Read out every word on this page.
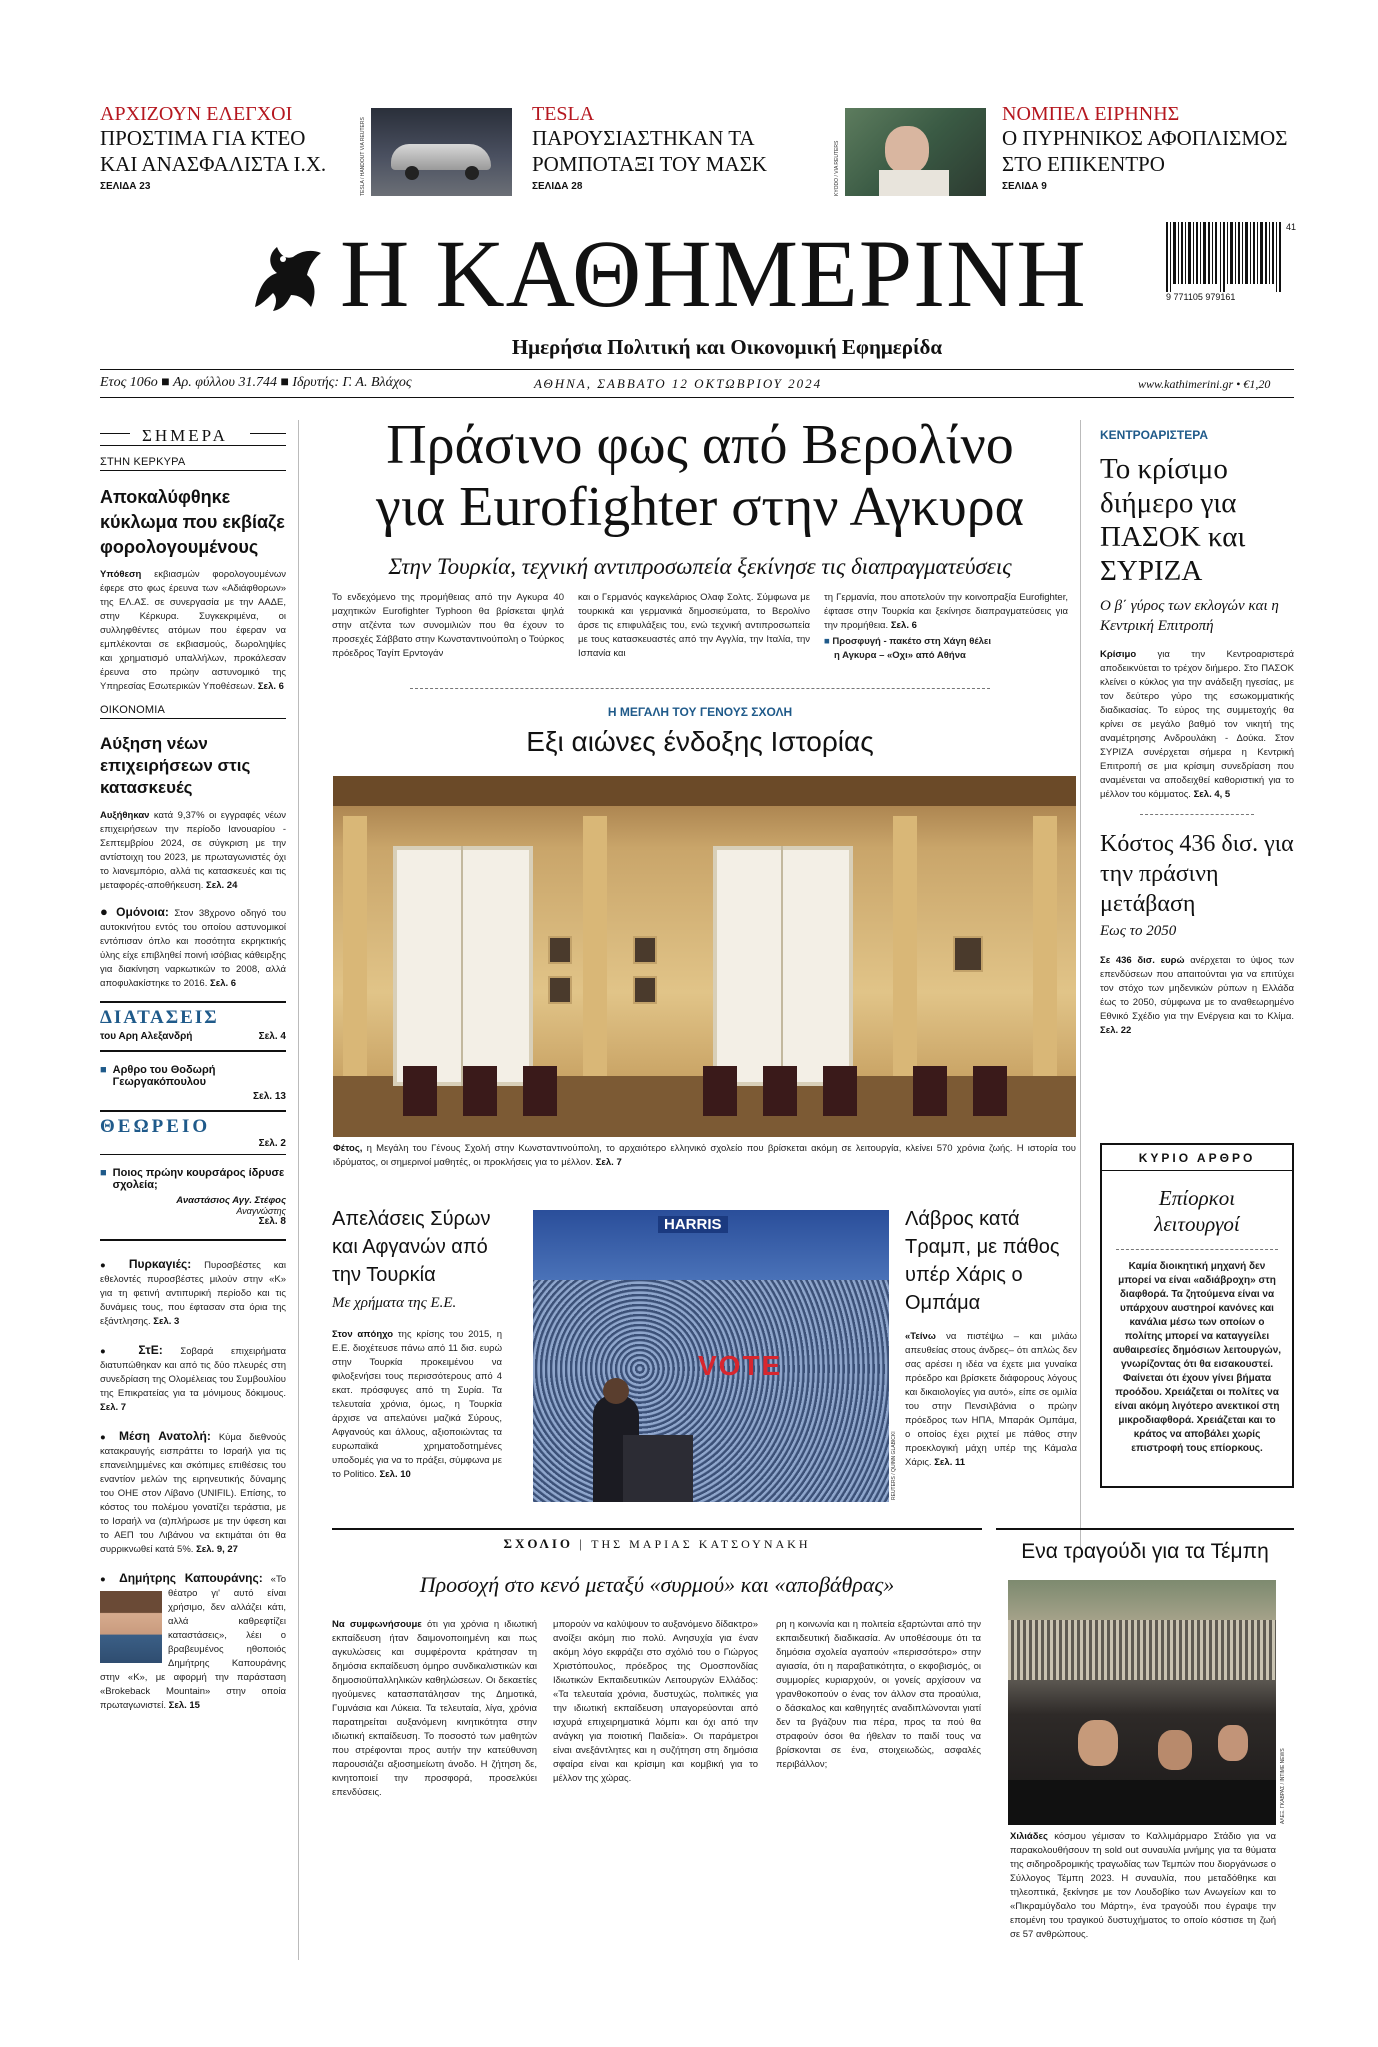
ΑΡΧΙΖΟΥΝ ΕΛΕΓΧΟΙ
ΠΡΟΣΤΙΜΑ ΓΙΑ ΚΤΕΟ ΚΑΙ ΑΝΑΣΦΑΛΙΣΤΑ Ι.Χ.
ΣΕΛΙΔΑ 23	TESLA / HANDOUT VIA REUTERS
TESLA
ΠΑΡΟΥΣΙΑΣΤΗΚΑΝ ΤΑ ΡΟΜΠΟΤΑΞΙ ΤΟΥ ΜΑΣΚ
ΣΕΛΙΔΑ 28	KYODO / VIA REUTERS
ΝΟΜΠΕΛ ΕΙΡΗΝΗΣ
Ο ΠΥΡΗΝΙΚΟΣ ΑΦΟΠΛΙΣΜΟΣ ΣΤΟ ΕΠΙΚΕΝΤΡΟ
ΣΕΛΙΔΑ 9
Η ΚΑΘΗΜΕΡΙΝΗ
Ημερήσια Πολιτική και Οικονομική Εφημερίδα
9 771105 979161
41
Ετος 106ο ■ Αρ. φύλλου 31.744 ■ Ιδρυτής: Γ. Α. Βλάχος	ΑΘΗΝΑ, ΣΑΒΒΑΤΟ 12 ΟΚΤΩΒΡΙΟΥ 2024	www.kathimerini.gr • €1,20
ΣΗΜΕΡΑ
ΣΤΗΝ ΚΕΡΚΥΡΑ
Αποκαλύφθηκε κύκλωμα που εκβίαζε φορολογουμένους
Υπόθεση εκβιασμών φορολογουμένων έφερε στο φως έρευνα των «Αδιάφθορων» της ΕΛ.ΑΣ. σε συνεργασία με την ΑΑΔΕ, στην Κέρκυρα. Συγκεκριμένα, οι συλληφθέντες ατόμων που έφεραν να εμπλέκονται σε εκβιασμούς, δωροληψίες και χρηματισμό υπαλλήλων, προκάλεσαν έρευνα στο πρώην αστυνομικό της Υπηρεσίας Εσωτερικών Υποθέσεων. Σελ. 6
ΟΙΚΟΝΟΜΙΑ
Αύξηση νέων επιχειρήσεων στις κατασκευές
Αυξήθηκαν κατά 9,37% οι εγγραφές νέων επιχειρήσεων την περίοδο Ιανουαρίου - Σεπτεμβρίου 2024, σε σύγκριση με την αντίστοιχη του 2023, με πρωταγωνιστές όχι το λιανεμπόριο, αλλά τις κατασκευές και τις μεταφορές-αποθήκευση. Σελ. 24
● Ομόνοια: Στον 38χρονο οδηγό του αυτοκινήτου εντός του οποίου αστυνομικοί εντόπισαν όπλο και ποσότητα εκρηκτικής ύλης είχε επιβληθεί ποινή ισόβιας κάθειρξης για διακίνηση ναρκωτικών το 2008, αλλά αποφυλακίστηκε το 2016. Σελ. 6
ΔΙΑΤΑΣΕΙΣ
του Αρη Αλεξανδρή	Σελ. 4
■ Αρθρο του Θοδωρή Γεωργακόπουλου
Σελ. 13
ΘΕΩΡΕΙΟ
Σελ. 2
■ Ποιος πρώην κουρσάρος ίδρυσε σχολεία;
Αναστάσιος Αγγ. Στέφος
Αναγνώστης
Σελ. 8
● Πυρκαγιές: Πυροσβέστες και εθελοντές πυροσβέστες μιλούν στην «Κ» για τη φετινή αντιπυρική περίοδο και τις δυνάμεις τους, που έφτασαν στα όρια της εξάντλησης. Σελ. 3
● ΣτΕ: Σοβαρά επιχειρήματα διατυπώθηκαν και από τις δύο πλευρές στη συνεδρίαση της Ολομέλειας του Συμβουλίου της Επικρατείας για τα μόνιμους δόκιμους. Σελ. 7
● Μέση Ανατολή: Κύμα διεθνούς κατακραυγής εισπράττει το Ισραήλ για τις επανειλημμένες και σκόπιμες επιθέσεις του εναντίον μελών της ειρηνευτικής δύναμης του ΟΗΕ στον Λίβανο (UNIFIL). Επίσης, το κόστος του πολέμου γονατίζει τεράστια, με το Ισραήλ να (α)πλήρωσε με την ύφεση και το ΑΕΠ του Λιβάνου να εκτιμάται ότι θα συρρικνωθεί κατά 5%. Σελ. 9, 27
● Δημήτρης Καπουράνης: «Το θέατρο γι' αυτό είναι χρήσιμο, δεν αλλάζει κάτι, αλλά καθρεφτίζει καταστάσεις», λέει ο βραβευμένος ηθοποιός Δημήτρης Καπουράνης στην «Κ», με αφορμή την παράσταση «Brokeback Mountain» στην οποία πρωταγωνιστεί. Σελ. 15
Πράσινο φως από Βερολίνο
για Eurofighter στην Αγκυρα
Στην Τουρκία, τεχνική αντιπροσωπεία ξεκίνησε τις διαπραγματεύσεις
Το ενδεχόμενο της προμήθειας από την Αγκυρα 40 μαχητικών Eurofighter Typhoon θα βρίσκεται ψηλά στην ατζέντα των συνομιλιών που θα έχουν το προσεχές Σάββατο στην Κωνσταντινούπολη ο Τούρκος πρόεδρος Ταγίπ Ερντογάν
και ο Γερμανός καγκελάριος Ολαφ Σολτς. Σύμφωνα με τουρκικά και γερμανικά δημοσιεύματα, το Βερολίνο άρσε τις επιφυλάξεις του, ενώ τεχνική αντιπροσωπεία με τους κατασκευαστές από την Αγγλία, την Ιταλία, την Ισπανία και
τη Γερμανία, που αποτελούν την κοινοπραξία Eurofighter, έφτασε στην Τουρκία και ξεκίνησε διαπραγματεύσεις για την προμήθεια. Σελ. 6
■ Προσφυγή - πακέτο στη Χάγη θέλει
η Αγκυρα – «Οχι» από Αθήνα
Η ΜΕΓΑΛΗ ΤΟΥ ΓΕΝΟΥΣ ΣΧΟΛΗ
Εξι αιώνες ένδοξης Ιστορίας
Φέτος, η Μεγάλη του Γένους Σχολή στην Κωνσταντινούπολη, το αρχαιότερο ελληνικό σχολείο που βρίσκεται ακόμη σε λειτουργία, κλείνει 570 χρόνια ζωής. Η ιστορία του ιδρύματος, οι σημερινοί μαθητές, οι προκλήσεις για το μέλλον. Σελ. 7
Απελάσεις Σύρων και Αφγανών από την Τουρκία
Με χρήματα της Ε.Ε.
Στον απόηχο της κρίσης του 2015, η Ε.Ε. διοχέτευσε πάνω από 11 δισ. ευρώ στην Τουρκία προκειμένου να φιλοξενήσει τους περισσότερους από 4 εκατ. πρόσφυγες από τη Συρία. Τα τελευταία χρόνια, όμως, η Τουρκία άρχισε να απελαύνει μαζικά Σύρους, Αφγανούς και άλλους, αξιοποιώντας τα ευρωπαϊκά χρηματοδοτημένες υποδομές για να το πράξει, σύμφωνα με το Politico. Σελ. 10
HARRIS
VOTE
REUTERS / QUINN GLABICKI
Λάβρος κατά Τραμπ, με πάθος υπέρ Χάρις ο Ομπάμα
«Τείνω να πιστέψω – και μιλάω απευθείας στους άνδρες– ότι απλώς δεν σας αρέσει η ιδέα να έχετε μια γυναίκα πρόεδρο και βρίσκετε διάφορους λόγους και δικαιολογίες για αυτό», είπε σε ομιλία του στην Πενσιλβάνια ο πρώην πρόεδρος των ΗΠΑ, Μπαράκ Ομπάμα, ο οποίος έχει ριχτεί με πάθος στην προεκλογική μάχη υπέρ της Κάμαλα Χάρις. Σελ. 11
ΣΧΟΛΙΟ | ΤΗΣ ΜΑΡΙΑΣ ΚΑΤΣΟΥΝΑΚΗ
Προσοχή στο κενό μεταξύ «συρμού» και «αποβάθρας»
Να συμφωνήσουμε ότι για χρόνια η ιδιωτική εκπαίδευση ήταν δαιμονοποιημένη και πως αγκυλώσεις και συμφέροντα κράτησαν τη δημόσια εκπαίδευση όμηρο συνδικαλιστικών και δημοσιοϋπαλληλικών καθηλώσεων. Οι δεκαετίες ηγούμενες κατασπατάλησαν της Δημοτικά, Γυμνάσια και Λύκεια. Τα τελευταία, λίγα, χρόνια παρατηρείται αυξανόμενη κινητικότητα στην ιδιωτική εκπαίδευση. Το ποσοστό των μαθητών που στρέφονται προς αυτήν την κατεύθυνση παρουσιάζει αξιοσημείωτη άνοδο. Η ζήτηση δε, κινητοποιεί την προσφορά, προσελκύει επενδύσεις.
μπορούν να καλύψουν το αυξανόμενο δίδακτρο» ανοίξει ακόμη πιο πολύ. Ανησυχία για έναν ακόμη λόγο εκφράζει στο σχόλιό του ο Γιώργος Χριστόπουλος, πρόεδρος της Ομοσπονδίας Ιδιωτικών Εκπαιδευτικών Λειτουργών Ελλάδος: «Τα τελευταία χρόνια, δυστυχώς, πολιτικές για την ιδιωτική εκπαίδευση υπαγορεύονται από ισχυρά επιχειρηματικά λόμπι και όχι από την ανάγκη για ποιοτική Παιδεία». Οι παράμετροι είναι ανεξάντλητες και η συζήτηση στη δημόσια σφαίρα είναι και κρίσιμη και κομβική για το μέλλον της χώρας.
ρη η κοινωνία και η πολιτεία εξαρτώνται από την εκπαιδευτική διαδικασία. Αν υποθέσουμε ότι τα δημόσια σχολεία αγαπούν «περισσότερο» στην αγιασία, ότι η παραβατικότητα, ο εκφοβισμός, οι συμμορίες κυριαρχούν, οι γονείς αρχίσουν να γρανθοκοπούν ο ένας τον άλλον στα προαύλια, ο δάσκαλος και καθηγητές αναδιπλώνονται γιατί δεν τα βγάζουν πια πέρα, προς τα πού θα στραφούν όσοι θα ήθελαν το παιδί τους να βρίσκονται σε ένα, στοιχειωδώς, ασφαλές περιβάλλον;
ΚΕΝΤΡΟΑΡΙΣΤΕΡΑ
Το κρίσιμο διήμερο για ΠΑΣΟΚ και ΣΥΡΙΖΑ
Ο β΄ γύρος των εκλογών και η Κεντρική Επιτροπή
Κρίσιμο για την Κεντροαριστερά αποδεικνύεται το τρέχον διήμερο. Στο ΠΑΣΟΚ κλείνει ο κύκλος για την ανάδειξη ηγεσίας, με τον δεύτερο γύρο της εσωκομματικής διαδικασίας. Το εύρος της συμμετοχής θα κρίνει σε μεγάλο βαθμό τον νικητή της αναμέτρησης Ανδρουλάκη - Δούκα. Στον ΣΥΡΙΖΑ συνέρχεται σήμερα η Κεντρική Επιτροπή σε μια κρίσιμη συνεδρίαση που αναμένεται να αποδειχθεί καθοριστική για το μέλλον του κόμματος. Σελ. 4, 5
Κόστος 436 δισ. για την πράσινη μετάβαση
Εως το 2050
Σε 436 δισ. ευρώ ανέρχεται το ύψος των επενδύσεων που απαιτούνται για να επιτύχει τον στόχο των μηδενικών ρύπων η Ελλάδα έως το 2050, σύμφωνα με το αναθεωρημένο Εθνικό Σχέδιο για την Ενέργεια και το Κλίμα. Σελ. 22
ΚΥΡΙΟ ΑΡΘΡΟ
Επίορκοι λειτουργοί
Καμία διοικητική μηχανή δεν μπορεί να είναι «αδιάβροχη» στη διαφθορά. Τα ζητούμενα είναι να υπάρχουν αυστηροί κανόνες και κανάλια μέσω των οποίων ο πολίτης μπορεί να καταγγείλει αυθαιρεσίες δημόσιων λειτουργών, γνωρίζοντας ότι θα εισακουστεί. Φαίνεται ότι έχουν γίνει βήματα προόδου. Χρειάζεται οι πολίτες να είναι ακόμη λιγότερο ανεκτικοί στη μικροδιαφθορά. Χρειάζεται και το κράτος να αποβάλει χωρίς επιστροφή τους επίορκους.
Ενα τραγούδι για τα Τέμπη
ΑΛΕΞ. ΓΚΑΒΡΑΣ / INTIME NEWS
Χιλιάδες κόσμου γέμισαν το Καλλιμάρμαρο Στάδιο για να παρακολουθήσουν τη sold out συναυλία μνήμης για τα θύματα της σιδηροδρομικής τραγωδίας των Τεμπών που διοργάνωσε ο Σύλλογος Τέμπη 2023. Η συναυλία, που μεταδόθηκε και τηλεοπτικά, ξεκίνησε με τον Λουδοβίκο των Ανωγείων και το «Πικραμύγδαλο του Μάρτη», ένα τραγούδι που έγραψε την επομένη του τραγικού δυστυχήματος το οποίο κόστισε τη ζωή σε 57 ανθρώπους.
